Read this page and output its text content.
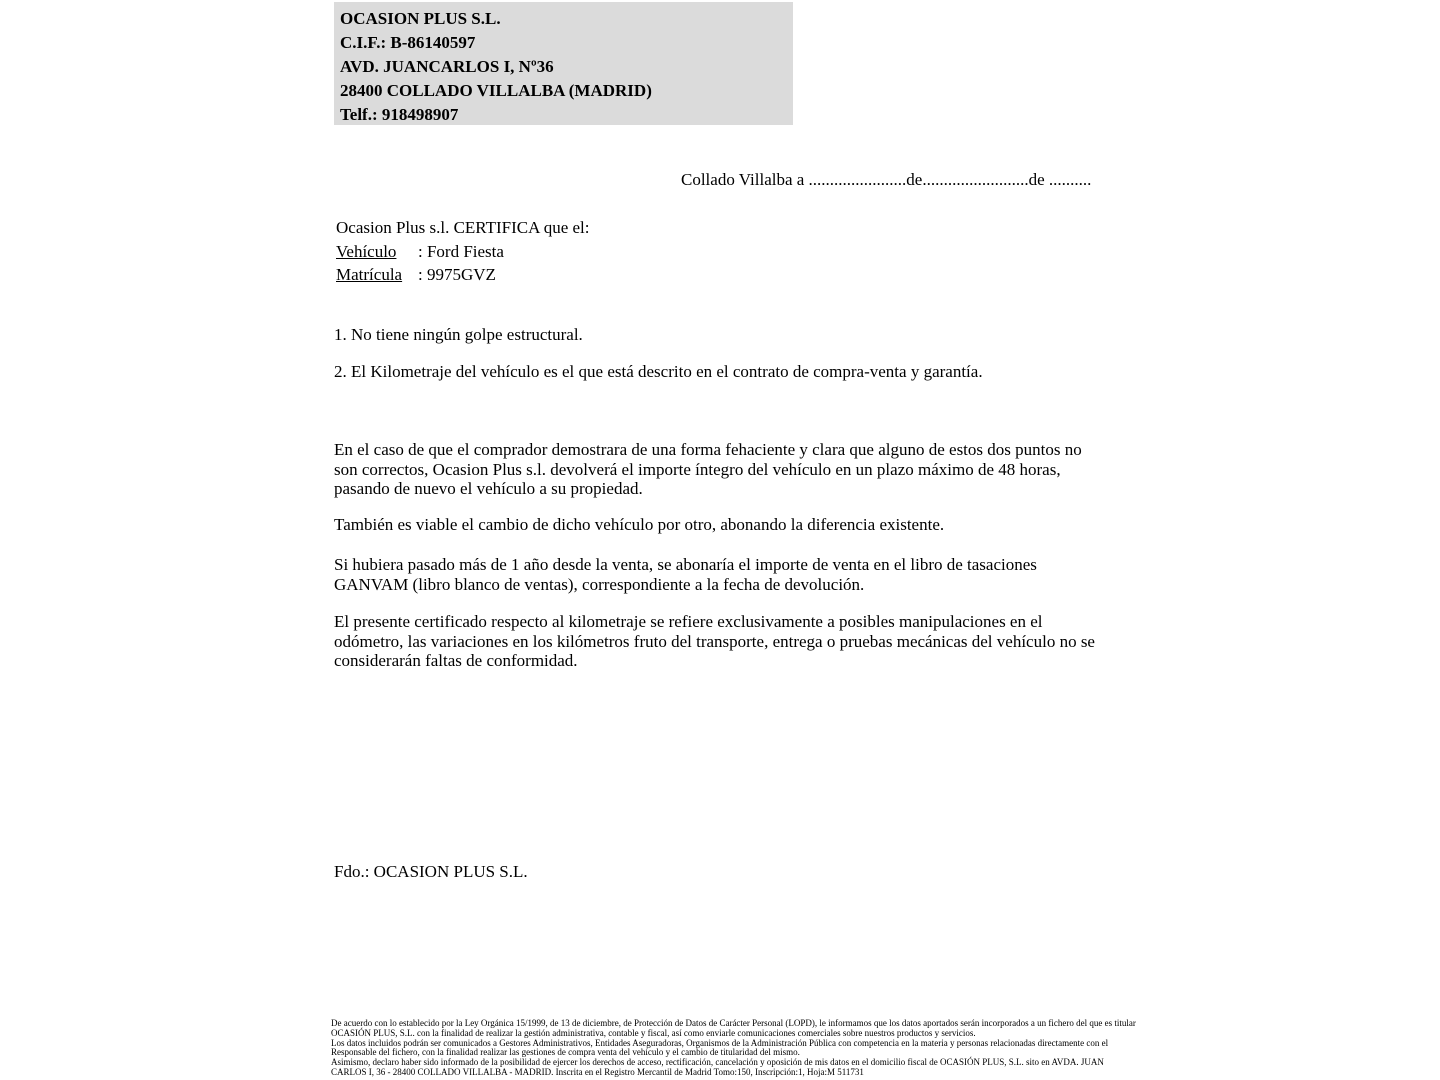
OCASION PLUS S.L.
C.I.F.: B-86140597
AVD. JUANCARLOS I, Nº36
28400 COLLADO VILLALBA (MADRID)
Telf.: 918498907
Collado Villalba a .......................de.........................de ..........
Ocasion Plus s.l. CERTIFICA que el:
Vehículo : Ford Fiesta
Matrícula : 9975GVZ
1. No tiene ningún golpe estructural.
2. El Kilometraje del vehículo es el que está descrito en el contrato de compra-venta y garantía.
En el caso de que el comprador demostrara de una forma fehaciente y clara que alguno de estos dos puntos no son correctos, Ocasion Plus s.l. devolverá el importe íntegro del vehículo en un plazo máximo de 48 horas, pasando de nuevo el vehículo a su propiedad.
También es viable el cambio de dicho vehículo por otro, abonando la diferencia existente.
Si hubiera pasado más de 1 año desde la venta, se abonaría el importe de venta en el libro de tasaciones GANVAM (libro blanco de ventas), correspondiente a la fecha de devolución.
El presente certificado respecto al kilometraje se refiere exclusivamente a posibles manipulaciones en el odómetro, las variaciones en los kilómetros fruto del transporte, entrega o pruebas mecánicas del vehículo no se considerarán faltas de conformidad.
Fdo.: OCASION PLUS S.L.
De acuerdo con lo establecido por la Ley Orgánica 15/1999, de 13 de diciembre, de Protección de Datos de Carácter Personal (LOPD), le informamos que los datos aportados serán incorporados a un fichero del que es titular
OCASIÓN PLUS, S.L. con la finalidad de realizar la gestión administrativa, contable y fiscal, así como enviarle comunicaciones comerciales sobre nuestros productos y servicios.
Los datos incluidos podrán ser comunicados a Gestores Administrativos, Entidades Aseguradoras, Organismos de la Administración Pública con competencia en la materia y personas relacionadas directamente con el
Responsable del fichero, con la finalidad realizar las gestiones de compra venta del vehículo y el cambio de titularidad del mismo.
Asimismo, declaro haber sido informado de la posibilidad de ejercer los derechos de acceso, rectificación, cancelación y oposición de mis datos en el domicilio fiscal de OCASIÓN PLUS, S.L. sito en AVDA. JUAN
CARLOS I, 36 - 28400 COLLADO VILLALBA - MADRID. Inscrita en el Registro Mercantil de Madrid Tomo:150, Inscripción:1, Hoja:M 511731
